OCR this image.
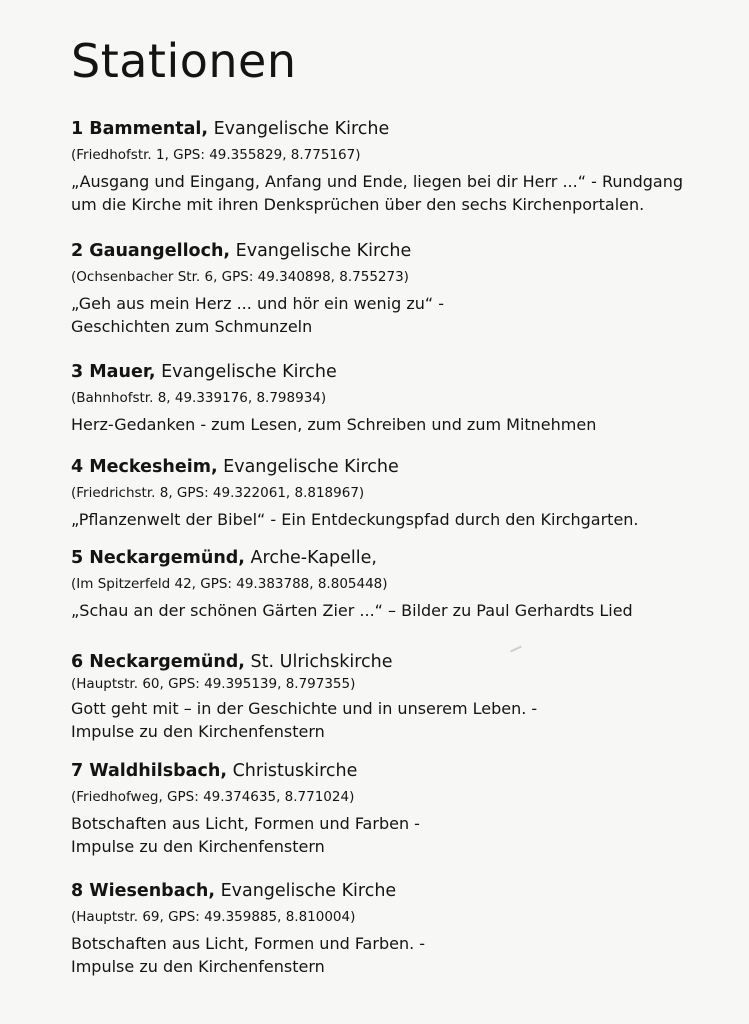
Stationen
1 Bammental, Evangelische Kirche
(Friedhofstr. 1, GPS: 49.355829, 8.775167)
„Ausgang und Eingang, Anfang und Ende, liegen bei dir Herr ...“ - Rundgang
um die Kirche mit ihren Denksprüchen über den sechs Kirchenportalen.
2 Gauangelloch, Evangelische Kirche
(Ochsenbacher Str. 6, GPS: 49.340898, 8.755273)
„Geh aus mein Herz ... und hör ein wenig zu“ -
Geschichten zum Schmunzeln
3 Mauer, Evangelische Kirche
(Bahnhofstr. 8, 49.339176, 8.798934)
Herz-Gedanken - zum Lesen, zum Schreiben und zum Mitnehmen
4 Meckesheim, Evangelische Kirche
(Friedrichstr. 8, GPS: 49.322061, 8.818967)
„Pflanzenwelt der Bibel“ - Ein Entdeckungspfad durch den Kirchgarten.
5 Neckargemünd, Arche-Kapelle,
(Im Spitzerfeld 42, GPS: 49.383788, 8.805448)
„Schau an der schönen Gärten Zier ...“ – Bilder zu Paul Gerhardts Lied
6 Neckargemünd, St. Ulrichskirche
(Hauptstr. 60, GPS: 49.395139, 8.797355)
Gott geht mit – in der Geschichte und in unserem Leben. -
Impulse zu den Kirchenfenstern
7 Waldhilsbach, Christuskirche
(Friedhofweg, GPS: 49.374635, 8.771024)
Botschaften aus Licht, Formen und Farben -
Impulse zu den Kirchenfenstern
8 Wiesenbach, Evangelische Kirche
(Hauptstr. 69, GPS: 49.359885, 8.810004)
Botschaften aus Licht, Formen und Farben. -
Impulse zu den Kirchenfenstern
